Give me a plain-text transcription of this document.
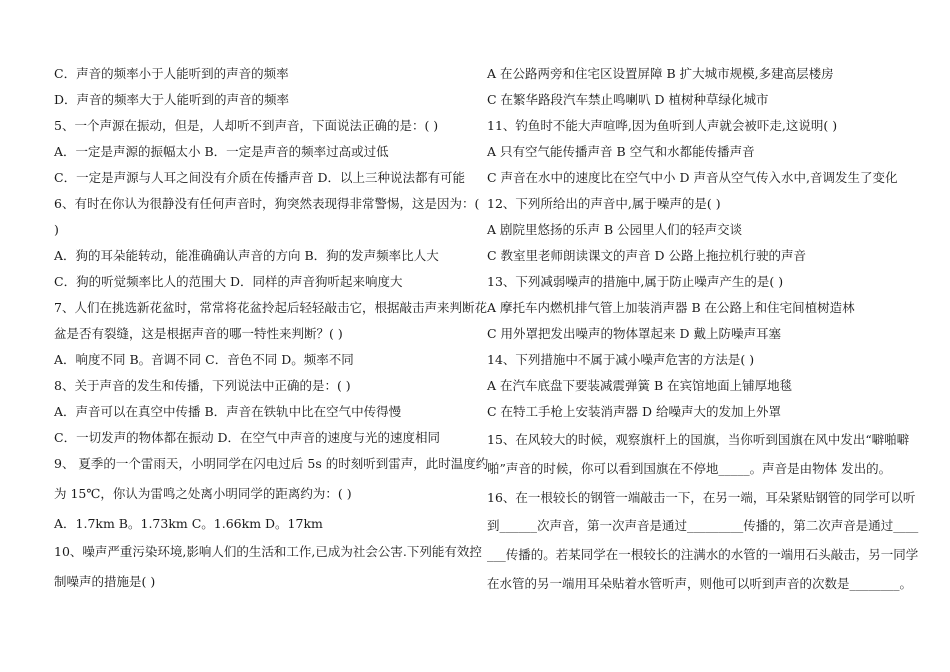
C．声音的频率小于人能听到的声音的频率
D．声音的频率大于人能听到的声音的频率
5、一个声源在振动，但是，人却听不到声音，下面说法正确的是：( )
A．一定是声源的振幅太小 B．一定是声音的频率过高或过低
C．一定是声源与人耳之间没有介质在传播声音 D．以上三种说法都有可能
6、有时在你认为很静没有任何声音时，狗突然表现得非常警惕，这是因为：(
)
A．狗的耳朵能转动，能准确确认声音的方向 B．狗的发声频率比人大
C．狗的听觉频率比人的范围大 D．同样的声音狗听起来响度大
7、人们在挑选新花盆时，常常将花盆拎起后轻轻敲击它，根据敲击声来判断花
盆是否有裂缝，这是根据声音的哪一特性来判断？( )
A．响度不同 B。音调不同 C．音色不同 D。频率不同
8、关于声音的发生和传播，下列说法中正确的是：( )
A．声音可以在真空中传播 B．声音在铁轨中比在空气中传得慢
C．一切发声的物体都在振动 D．在空气中声音的速度与光的速度相同
9、 夏季的一个雷雨天，小明同学在闪电过后 5s 的时刻听到雷声，此时温度约
为 15℃，你认为雷鸣之处离小明同学的距离约为：( )
A．1.7km B。1.73km C。1.66km D。17km
10、噪声严重污染环境,影响人们的生活和工作,已成为社会公害.下列能有效控
制噪声的措施是( )
A 在公路两旁和住宅区设置屏障 B 扩大城市规模,多建高层楼房
C 在繁华路段汽车禁止鸣喇叭 D 植树种草绿化城市
11、钓鱼时不能大声喧哗,因为鱼听到人声就会被吓走,这说明( )
A 只有空气能传播声音 B 空气和水都能传播声音
C 声音在水中的速度比在空气中小 D 声音从空气传入水中,音调发生了变化
12、下列所给出的声音中,属于噪声的是( )
A 剧院里悠扬的乐声 B 公园里人们的轻声交谈
C 教室里老师朗读课文的声音 D 公路上拖拉机行驶的声音
13、下列减弱噪声的措施中,属于防止噪声产生的是( )
A 摩托车内燃机排气管上加装消声器 B 在公路上和住宅间植树造林
C 用外罩把发出噪声的物体罩起来 D 戴上防噪声耳塞
14、下列措施中不属于减小噪声危害的方法是( )
A 在汽车底盘下要装减震弹簧 B 在宾馆地面上铺厚地毯
C 在特工手枪上安装消声器 D 给噪声大的发加上外罩
15、在风较大的时候，观察旗杆上的国旗，当你听到国旗在风中发出“噼啪噼
啪”声音的时候，你可以看到国旗在不停地_____。声音是由物体 发出的。
16、在一根较长的钢管一端敲击一下，在另一端，耳朵紧贴钢管的同学可以听
到______次声音，第一次声音是通过_________传播的，第二次声音是通过____
___传播的。若某同学在一根较长的注满水的水管的一端用石头敲击，另一同学
在水管的另一端用耳朵贴着水管听声，则他可以听到声音的次数是________。
